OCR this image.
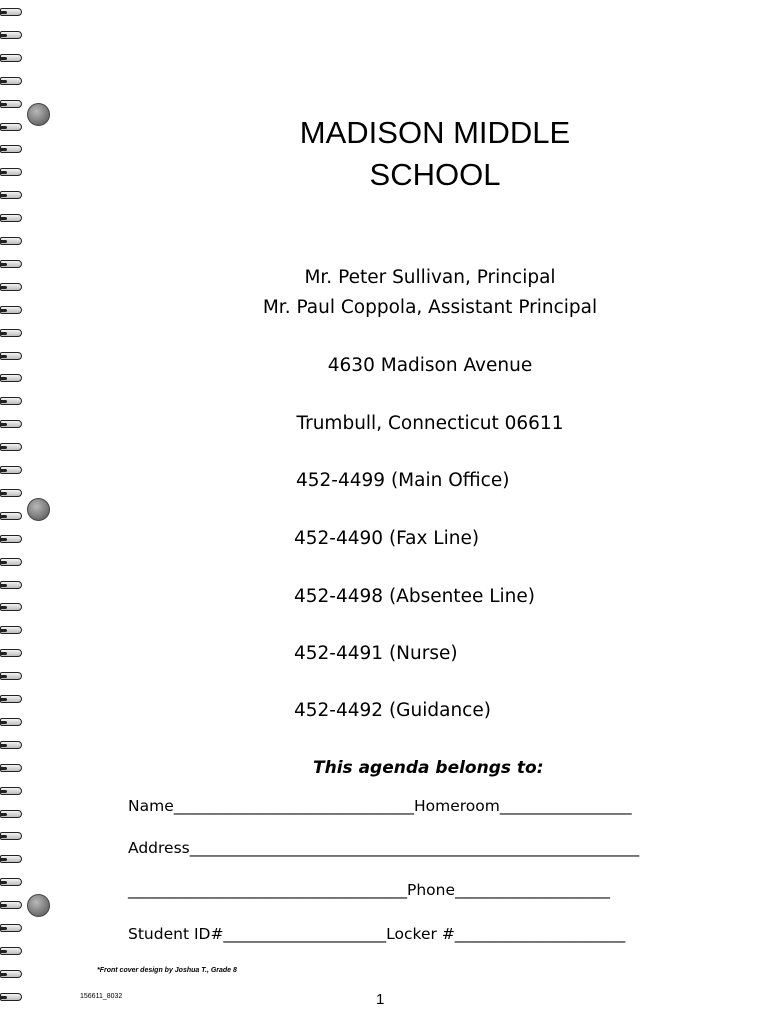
MADISON MIDDLE
SCHOOL
Mr. Peter Sullivan, Principal
Mr. Paul Coppola, Assistant Principal
4630 Madison Avenue
Trumbull, Connecticut 06611
452-4499 (Main Office)
452-4490 (Fax Line)
452-4498 (Absentee Line)
452-4491 (Nurse)
452-4492 (Guidance)
This agenda belongs to:
Name_______________________________Homeroom_________________
Address__________________________________________________________
____________________________________Phone____________________
Student ID#_____________________Locker #______________________
*Front cover design by Joshua T., Grade 8
156611_8032	1
